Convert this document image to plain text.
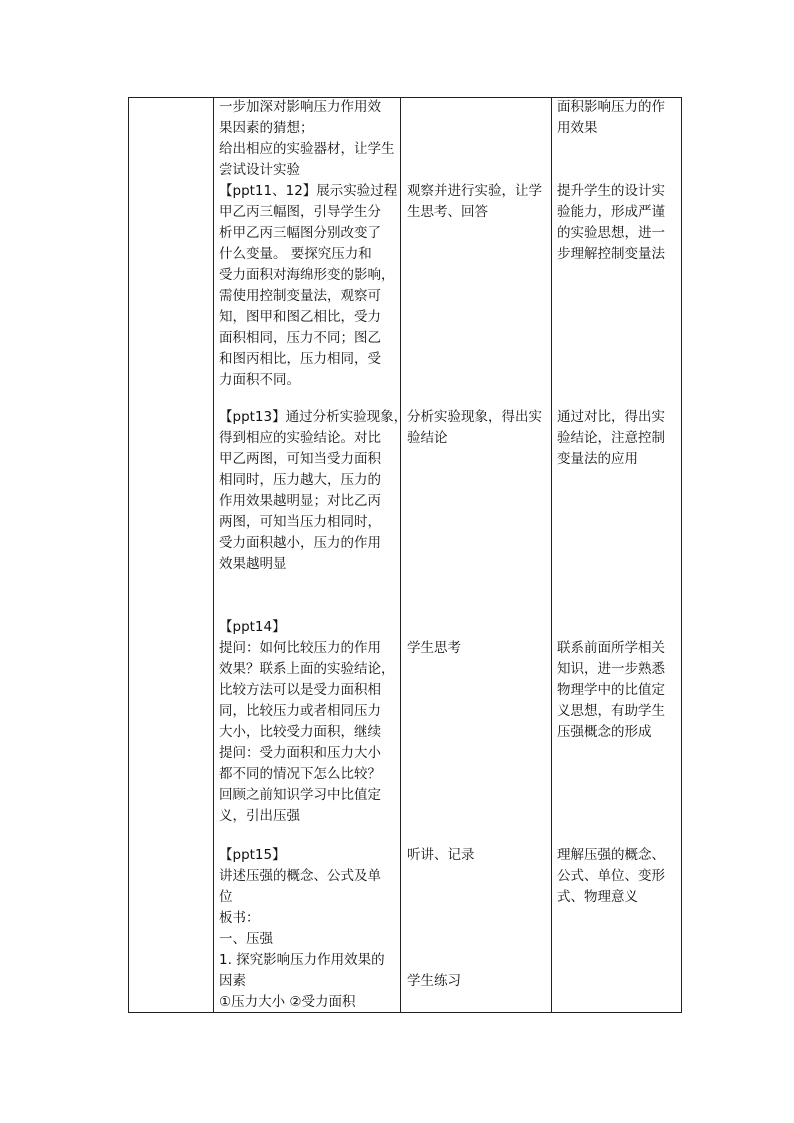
一步加深对影响压力作用效
果因素的猜想；
给出相应的实验器材，让学生
尝试设计实验
【ppt11、12】展示实验过程
甲乙丙三幅图，引导学生分
析甲乙丙三幅图分别改变了
什么变量。 要探究压力和
受力面积对海绵形变的影响，
需使用控制变量法，观察可
知，图甲和图乙相比，受力
面积相同，压力不同；图乙
和图丙相比，压力相同，受
力面积不同。
【ppt13】通过分析实验现象，
得到相应的实验结论。对比
甲乙两图，可知当受力面积
相同时，压力越大，压力的
作用效果越明显；对比乙丙
两图，可知当压力相同时，
受力面积越小，压力的作用
效果越明显
【ppt14】
提问：如何比较压力的作用
效果？联系上面的实验结论，
比较方法可以是受力面积相
同，比较压力或者相同压力
大小，比较受力面积，继续
提问：受力面积和压力大小
都不同的情况下怎么比较？
回顾之前知识学习中比值定
义，引出压强
【ppt15】
讲述压强的概念、公式及单
位
板书：
一、压强
1. 探究影响压力作用效果的
因素
①压力大小 ②受力面积
观察并进行实验，让学
生思考、回答
分析实验现象，得出实
验结论
学生思考
听讲、记录
学生练习
面积影响压力的作
用效果
提升学生的设计实
验能力，形成严谨
的实验思想，进一
步理解控制变量法
通过对比，得出实
验结论，注意控制
变量法的应用
联系前面所学相关
知识，进一步熟悉
物理学中的比值定
义思想，有助学生
压强概念的形成
理解压强的概念、
公式、单位、变形
式、物理意义
